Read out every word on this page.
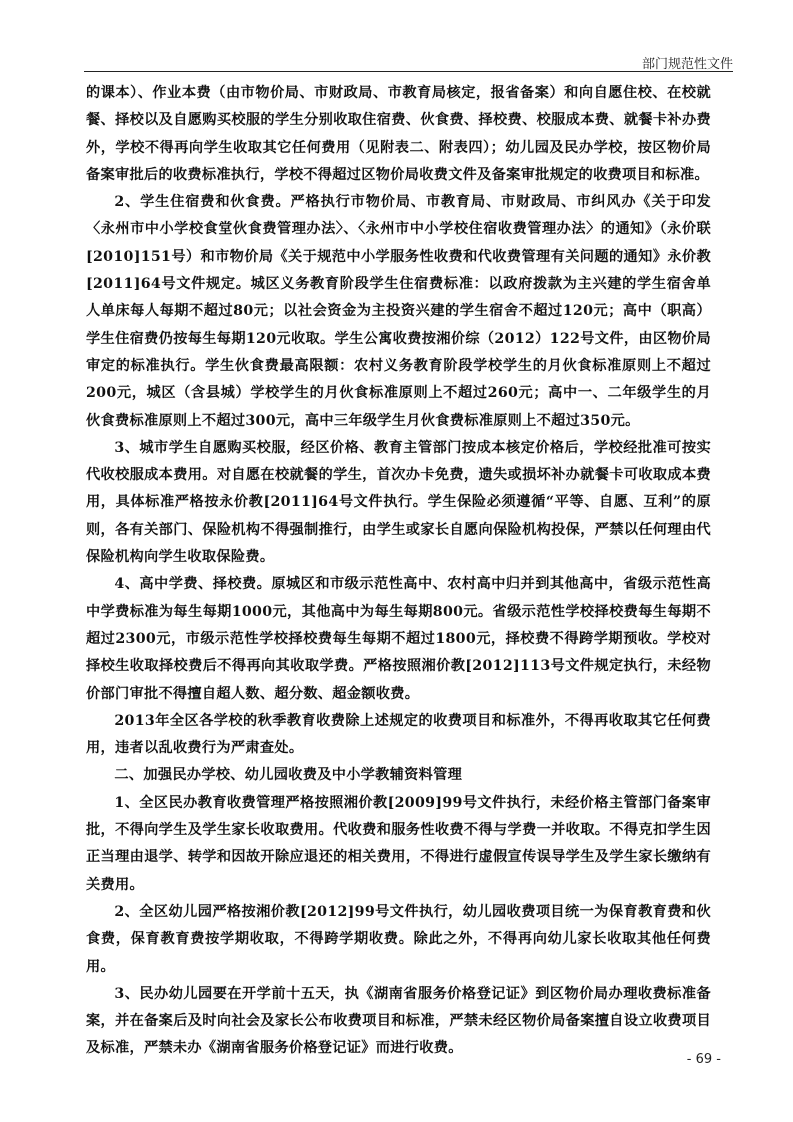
部门规范性文件

的课本）、作业本费（由市物价局、市财政局、市教育局核定，报省备案）和向自愿住校、在校就餐、择校以及自愿购买校服的学生分别收取住宿费、伙食费、择校费、校服成本费、就餐卡补办费外，学校不得再向学生收取其它任何费用（见附表二、附表四）；幼儿园及民办学校，按区物价局备案审批后的收费标准执行，学校不得超过区物价局收费文件及备案审批规定的收费项目和标准。

2、学生住宿费和伙食费。严格执行市物价局、市教育局、市财政局、市纠风办《关于印发〈永州市中小学校食堂伙食费管理办法〉、〈永州市中小学校住宿收费管理办法〉的通知》（永价联[2010]151号）和市物价局《关于规范中小学服务性收费和代收费管理有关问题的通知》永价教[2011]64号文件规定。城区义务教育阶段学生住宿费标准：以政府拨款为主兴建的学生宿舍单人单床每人每期不超过80元；以社会资金为主投资兴建的学生宿舍不超过120元；高中（职高）学生住宿费仍按每生每期120元收取。学生公寓收费按湘价综（2012）122号文件，由区物价局审定的标准执行。学生伙食费最高限额：农村义务教育阶段学校学生的月伙食标准原则上不超过200元，城区（含县城）学校学生的月伙食标准原则上不超过260元；高中一、二年级学生的月伙食费标准原则上不超过300元，高中三年级学生月伙食费标准原则上不超过350元。

3、城市学生自愿购买校服，经区价格、教育主管部门按成本核定价格后，学校经批准可按实代收校服成本费用。对自愿在校就餐的学生，首次办卡免费，遗失或损坏补办就餐卡可收取成本费用，具体标准严格按永价教[2011]64号文件执行。学生保险必须遵循“平等、自愿、互利”的原则，各有关部门、保险机构不得强制推行，由学生或家长自愿向保险机构投保，严禁以任何理由代保险机构向学生收取保险费。

4、高中学费、择校费。原城区和市级示范性高中、农村高中归并到其他高中，省级示范性高中学费标准为每生每期1000元，其他高中为每生每期800元。省级示范性学校择校费每生每期不超过2300元，市级示范性学校择校费每生每期不超过1800元，择校费不得跨学期预收。学校对择校生收取择校费后不得再向其收取学费。严格按照湘价教[2012]113号文件规定执行，未经物价部门审批不得擅自超人数、超分数、超金额收费。

2013年全区各学校的秋季教育收费除上述规定的收费项目和标准外，不得再收取其它任何费用，违者以乱收费行为严肃查处。

二、加强民办学校、幼儿园收费及中小学教辅资料管理

1、全区民办教育收费管理严格按照湘价教[2009]99号文件执行，未经价格主管部门备案审批，不得向学生及学生家长收取费用。代收费和服务性收费不得与学费一并收取。不得克扣学生因正当理由退学、转学和因故开除应退还的相关费用，不得进行虚假宣传误导学生及学生家长缴纳有关费用。

2、全区幼儿园严格按湘价教[2012]99号文件执行，幼儿园收费项目统一为保育教育费和伙食费，保育教育费按学期收取，不得跨学期收费。除此之外，不得再向幼儿家长收取其他任何费用。

3、民办幼儿园要在开学前十五天，执《湖南省服务价格登记证》到区物价局办理收费标准备案，并在备案后及时向社会及家长公布收费项目和标准，严禁未经区物价局备案擅自设立收费项目及标准，严禁未办《湖南省服务价格登记证》而进行收费。

- 69 -
